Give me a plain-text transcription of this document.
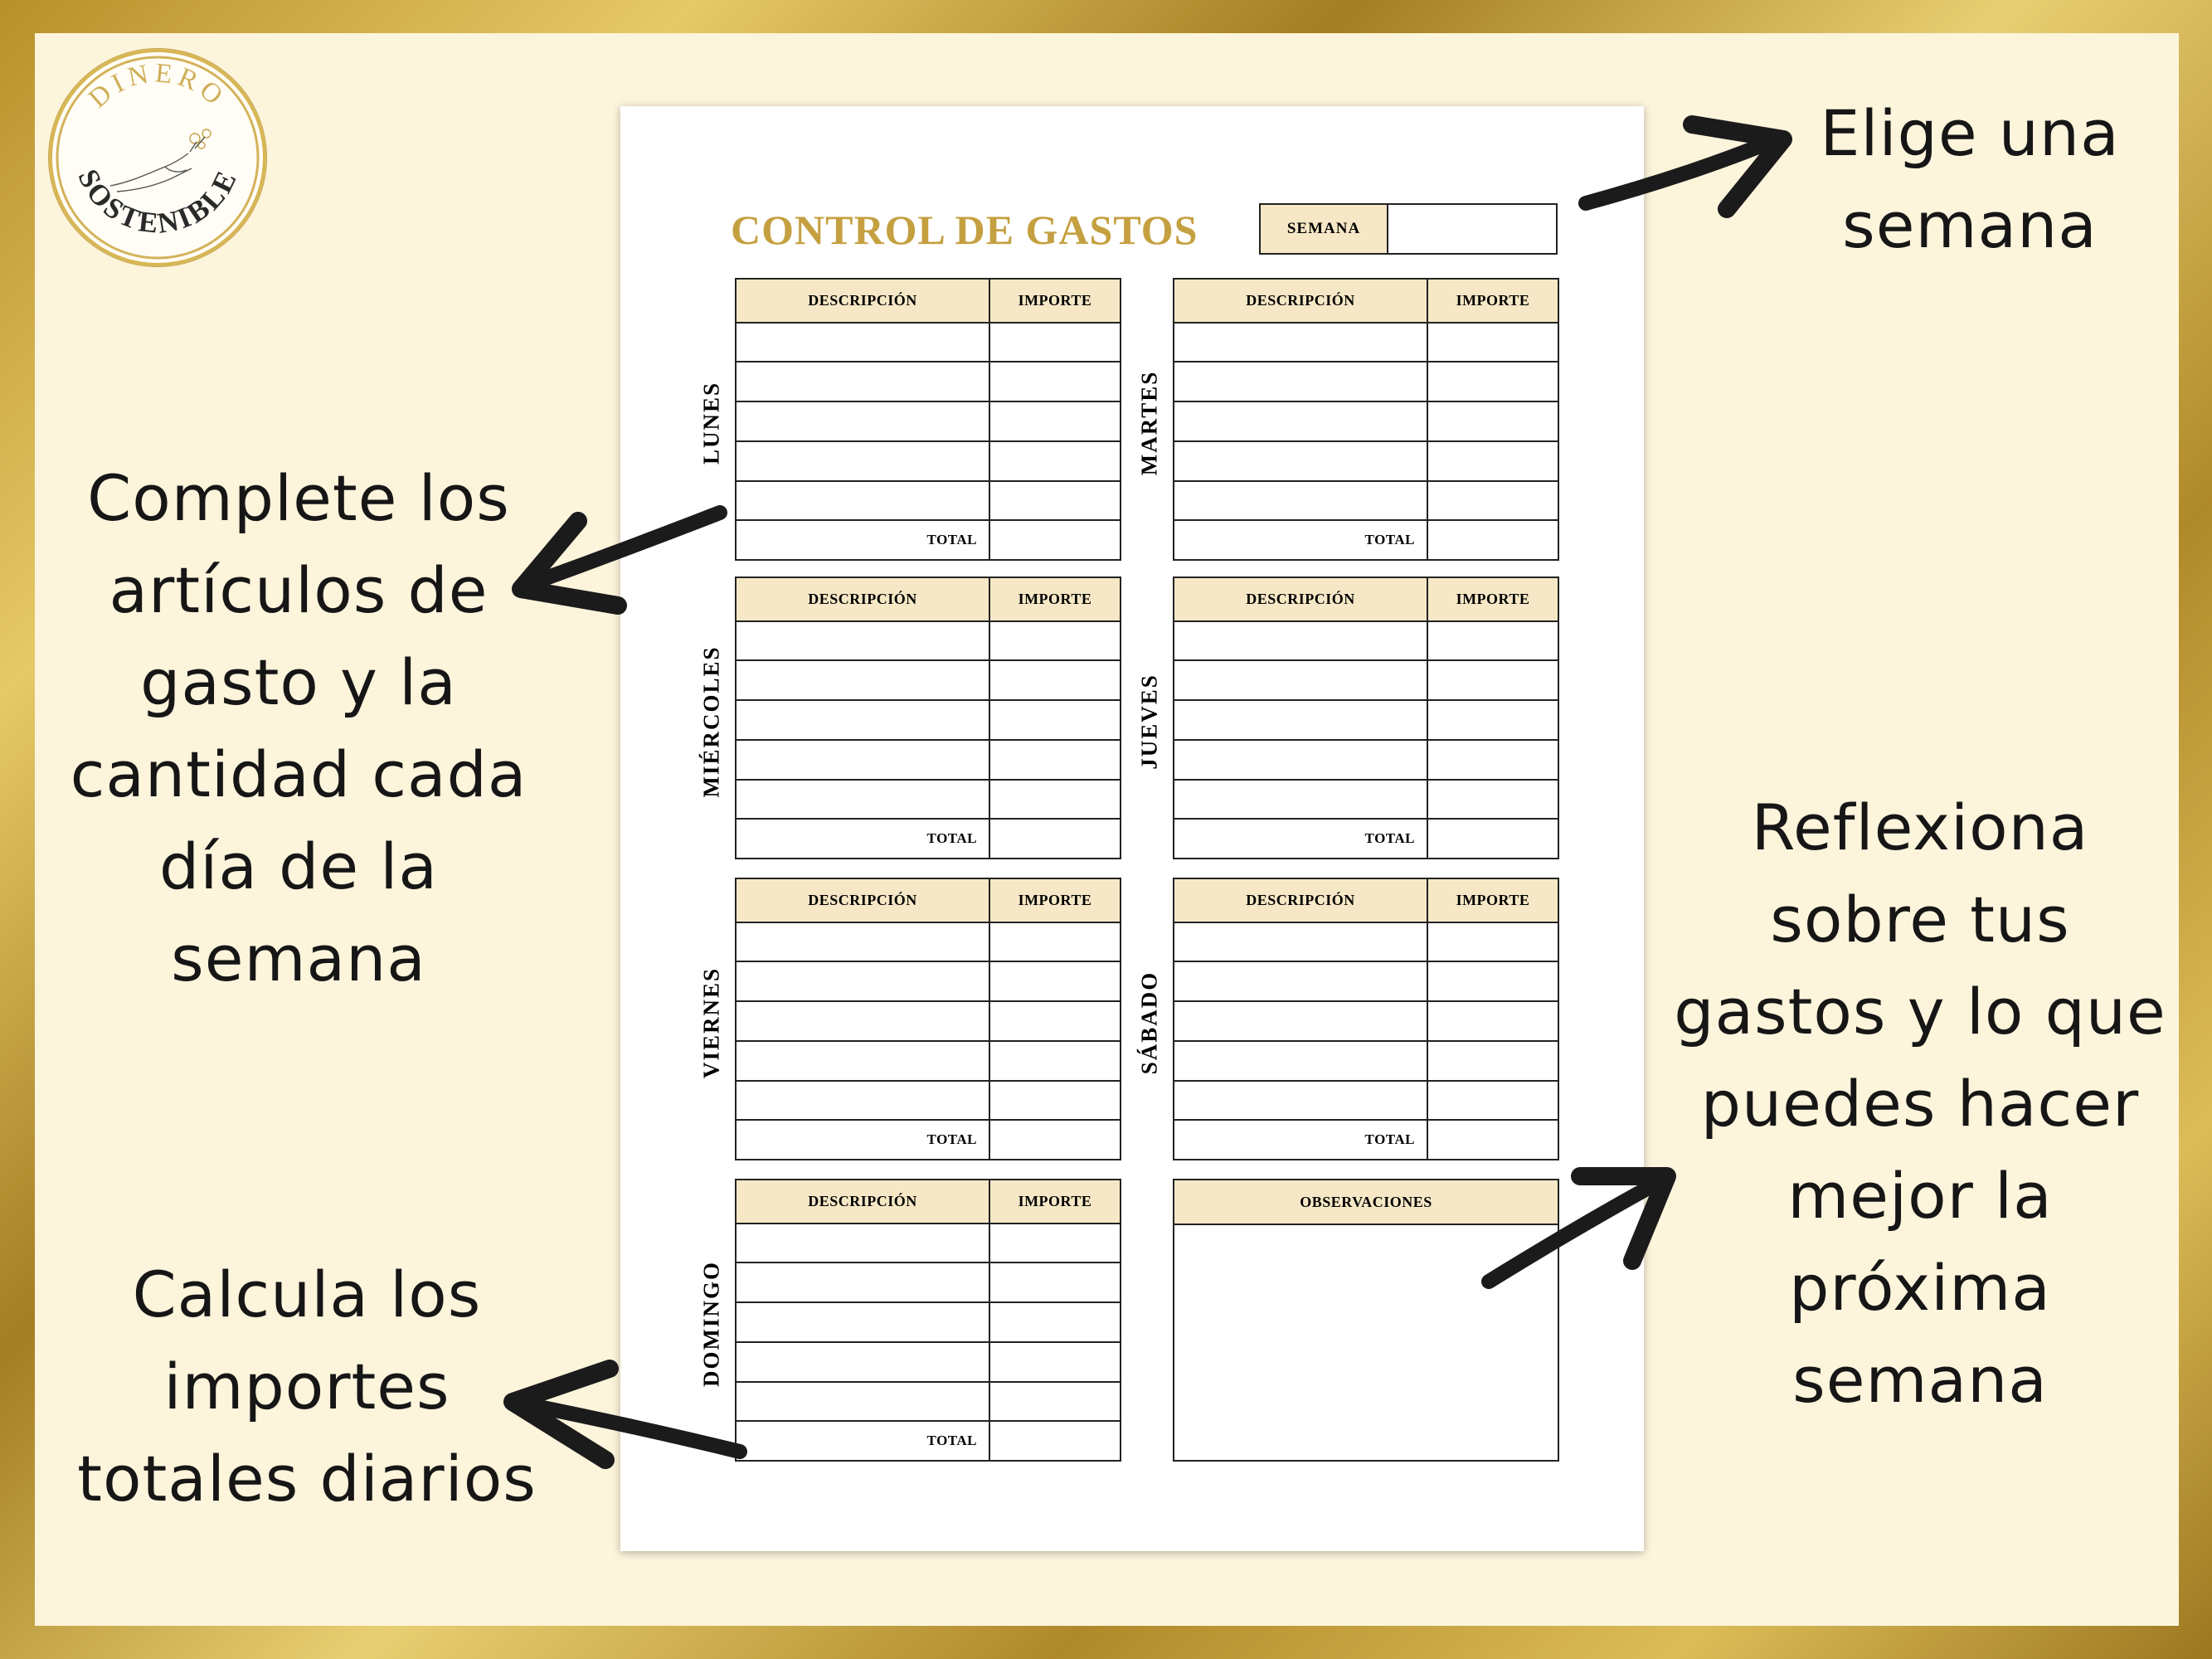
DINERO
SOSTENIBLE
Elige una
semana
Complete los
artículos de
gasto y la
cantidad cada
día de la
semana
Calcula los
importes
totales diarios
Reflexiona
sobre tus
gastos y lo que
puedes hacer
mejor la
próxima
semana
CONTROL DE GASTOS	SEMANA
DESCRIPCIÓN	IMPORTE

TOTAL	
LUNES
DESCRIPCIÓN	IMPORTE

TOTAL	
MARTES
DESCRIPCIÓN	IMPORTE

TOTAL	
MIÉRCOLES
DESCRIPCIÓN	IMPORTE

TOTAL	
JUEVES
DESCRIPCIÓN	IMPORTE

TOTAL	
VIERNES
DESCRIPCIÓN	IMPORTE

TOTAL	
SÁBADO
DESCRIPCIÓN	IMPORTE

TOTAL	
DOMINGO
OBSERVACIONES
